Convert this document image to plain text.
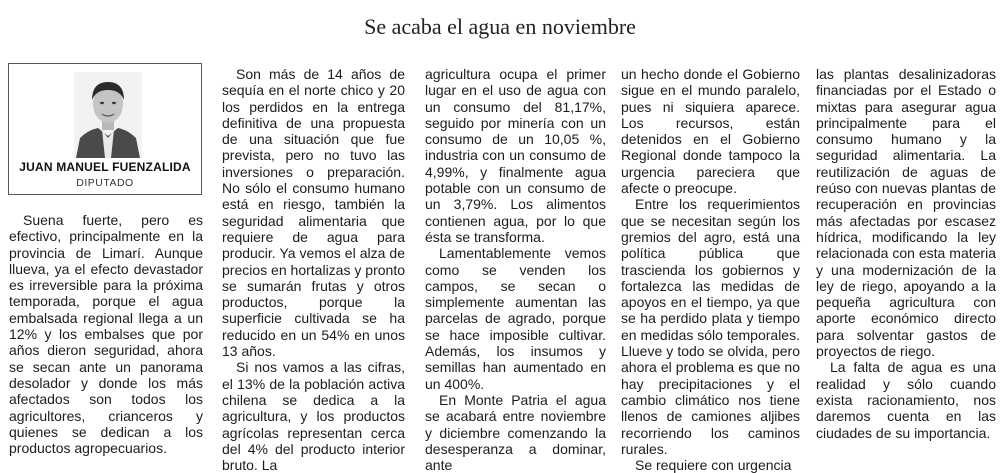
Se acaba el agua en noviembre
JUAN MANUEL FUENZALIDA
DIPUTADO

Suena fuerte, pero es efectivo, principalmente en la provincia de Limarí. Aunque llueva, ya el efecto devastador es irreversible para la próxima temporada, porque el agua embalsada regional llega a un 12% y los embalses que por años dieron seguridad, ahora se secan ante un panorama desolador y donde los más afectados son todos los agricultores, crianceros y quienes se dedican a los productos agropecuarios.

Son más de 14 años de sequía en el norte chico y 20 los perdidos en la entrega definitiva de una propuesta de una situación que fue prevista, pero no tuvo las inversiones o preparación. No sólo el consumo humano está en riesgo, también la seguridad alimentaria que requiere de agua para producir. Ya vemos el alza de precios en hortalizas y pronto se sumarán frutas y otros productos, porque la superficie cultivada se ha reducido en un 54% en unos 13 años.

Si nos vamos a las cifras, el 13% de la población activa chilena se dedica a la agricultura, y los productos agrícolas representan cerca del 4% del producto interior bruto. La

agricultura ocupa el primer lugar en el uso de agua con un consumo del 81,17%, seguido por minería con un consumo de un 10,05 %, industria con un consumo de 4,99%, y finalmente agua potable con un consumo de un 3,79%. Los alimentos contienen agua, por lo que ésta se transforma.

Lamentablemente vemos como se venden los campos, se secan o simplemente aumentan las parcelas de agrado, porque se hace imposible cultivar. Además, los insumos y semillas han aumentado en un 400%.

En Monte Patria el agua se acabará entre noviembre y diciembre comenzando la desesperanza a dominar, ante

un hecho donde el Gobierno sigue en el mundo paralelo, pues ni siquiera aparece. Los recursos, están detenidos en el Gobierno Regional donde tampoco la urgencia pareciera que afecte o preocupe.

Entre los requerimientos que se necesitan según los gremios del agro, está una política pública que trascienda los gobiernos y fortalezca las medidas de apoyos en el tiempo, ya que se ha perdido plata y tiempo en medidas sólo temporales. Llueve y todo se olvida, pero ahora el problema es que no hay precipitaciones y el cambio climático nos tiene llenos de camiones aljibes recorriendo los caminos rurales.

Se requiere con urgencia

las plantas desalinizadoras financiadas por el Estado o mixtas para asegurar agua principalmente para el consumo humano y la seguridad alimentaria. La reutilización de aguas de reúso con nuevas plantas de recuperación en provincias más afectadas por escasez hídrica, modificando la ley relacionada con esta materia y una modernización de la ley de riego, apoyando a la pequeña agricultura con aporte económico directo para solventar gastos de proyectos de riego.

La falta de agua es una realidad y sólo cuando exista racionamiento, nos daremos cuenta en las ciudades de su importancia.
